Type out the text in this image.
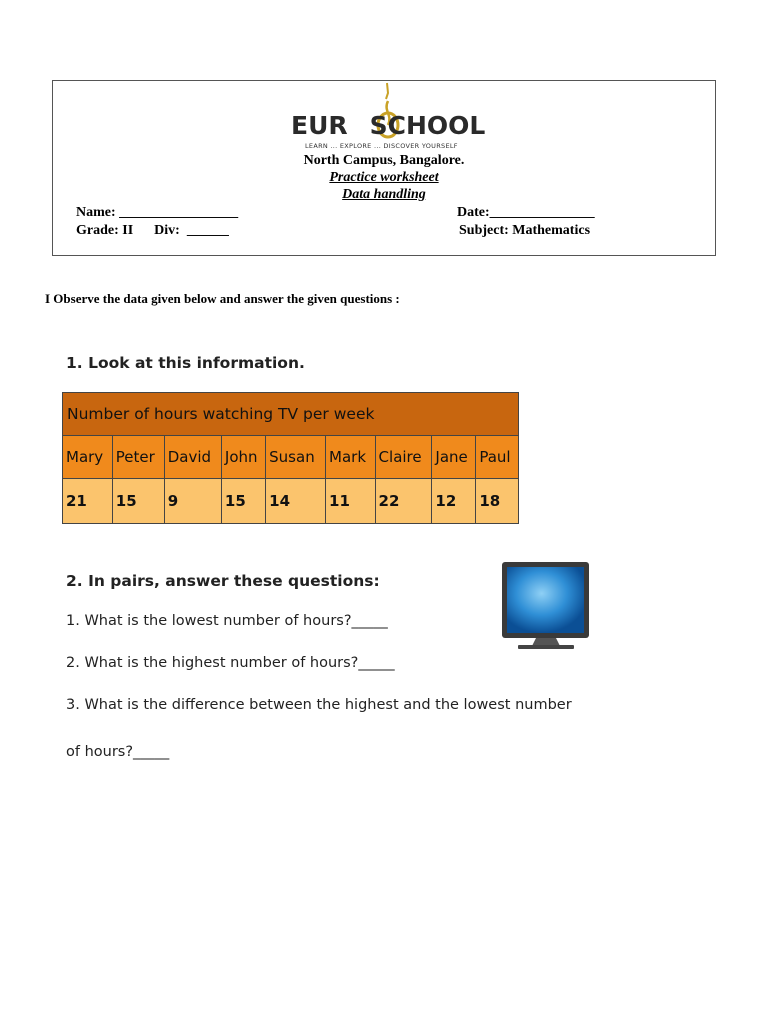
EUR SCHOOL
LEARN ... EXPLORE ... DISCOVER YOURSELF
North Campus, Bangalore.
Practice worksheet
Data handling
Name: _________________
Grade: II      Div:  ______
Date:_______________
Subject: Mathematics
I Observe the data given below and answer the given questions :
1. Look at this information.
Number of hours watching TV per week								
Mary	Peter	David	John	Susan	Mark	Claire	Jane	Paul
21	15	9	15	14	11	22	12	18
2. In pairs, answer these questions:
1. What is the lowest number of hours?_____
2. What is the highest number of hours?_____
3. What is the difference between the highest and the lowest number
of hours?_____
